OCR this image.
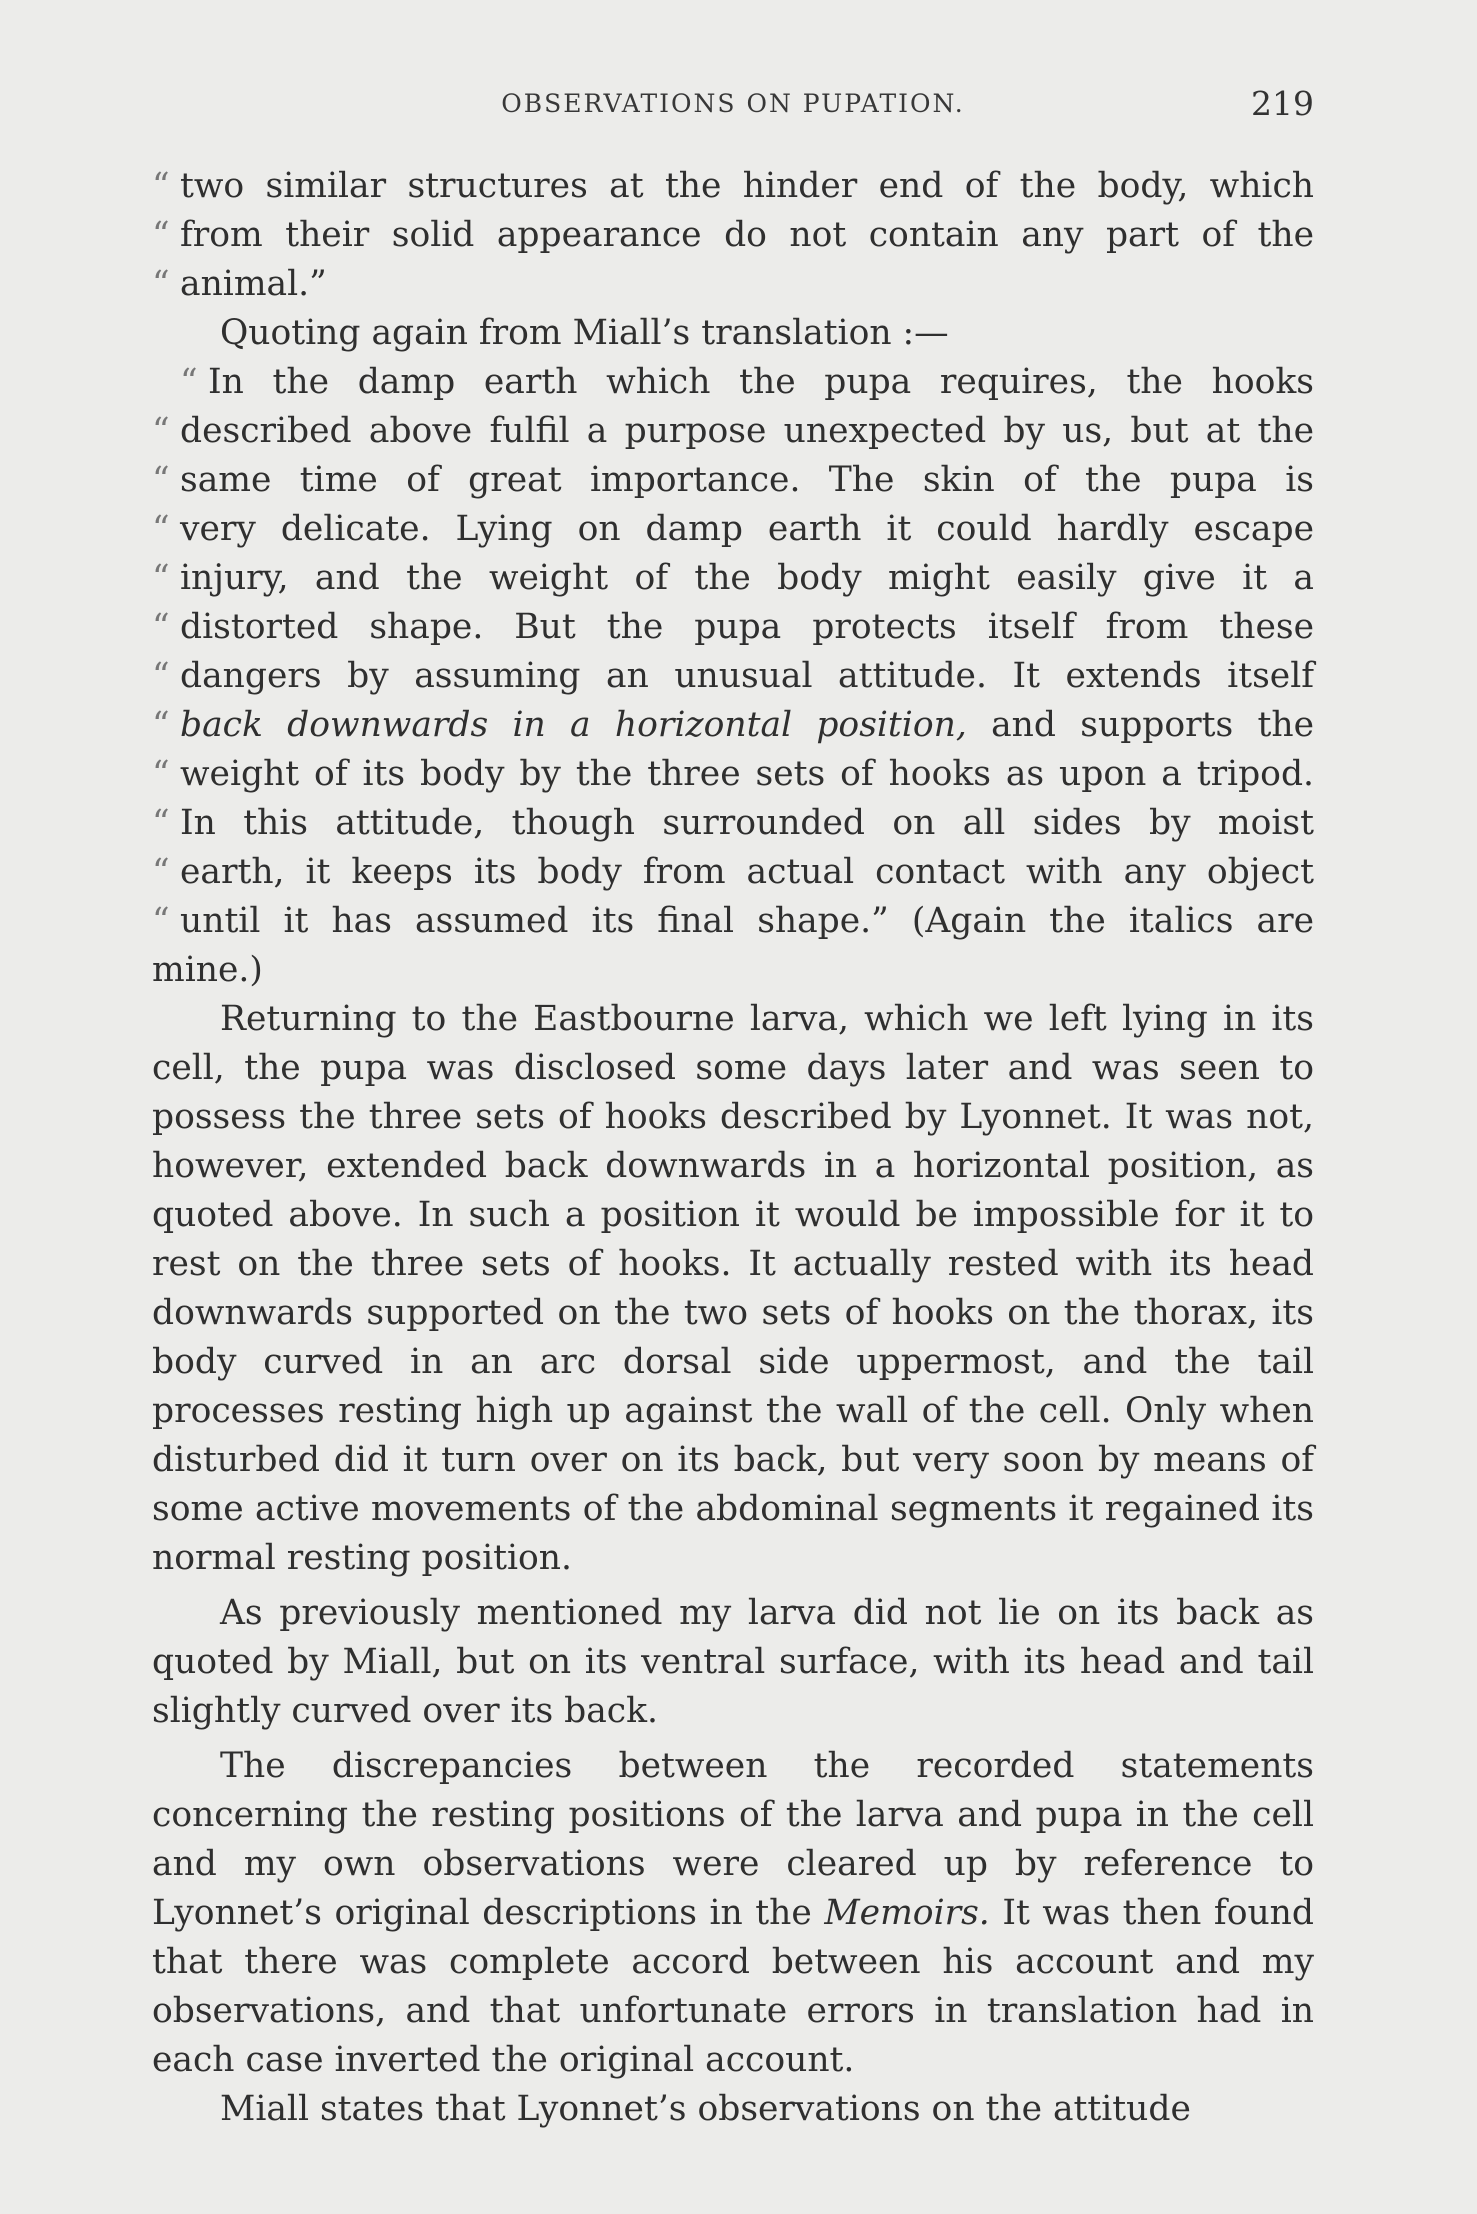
OBSERVATIONS ON PUPATION.	219
“ two similar structures at the hinder end of the body, which
“ from their solid appearance do not contain any part of the
“ animal.”

Quoting again from Miall’s translation :—

“ In the damp earth which the pupa requires, the hooks
“ described above fulfil a purpose unexpected by us, but at the
“ same time of great importance. The skin of the pupa is
“ very delicate. Lying on damp earth it could hardly escape
“ injury, and the weight of the body might easily give it a
“ distorted shape. But the pupa protects itself from these
“ dangers by assuming an unusual attitude. It extends itself
“ back downwards in a horizontal position, and supports the
“ weight of its body by the three sets of hooks as upon a tripod.
“ In this attitude, though surrounded on all sides by moist
“ earth, it keeps its body from actual contact with any object
“ until it has assumed its final shape.” (Again the italics are
mine.)

Returning to the Eastbourne larva, which we left lying in its cell, the pupa was disclosed some days later and was seen to possess the three sets of hooks described by Lyonnet. It was not, however, extended back downwards in a horizontal position, as quoted above. In such a position it would be impossible for it to rest on the three sets of hooks. It actually rested with its head downwards supported on the two sets of hooks on the thorax, its body curved in an arc dorsal side uppermost, and the tail processes resting high up against the wall of the cell. Only when disturbed did it turn over on its back, but very soon by means of some active movements of the abdominal segments it regained its normal resting position.

As previously mentioned my larva did not lie on its back as quoted by Miall, but on its ventral surface, with its head and tail slightly curved over its back.

The discrepancies between the recorded statements concerning the resting positions of the larva and pupa in the cell and my own observations were cleared up by reference to Lyonnet’s original descriptions in the Memoirs. It was then found that there was complete accord between his account and my observations, and that unfortunate errors in translation had in each case inverted the original account.

Miall states that Lyonnet’s observations on the attitude
